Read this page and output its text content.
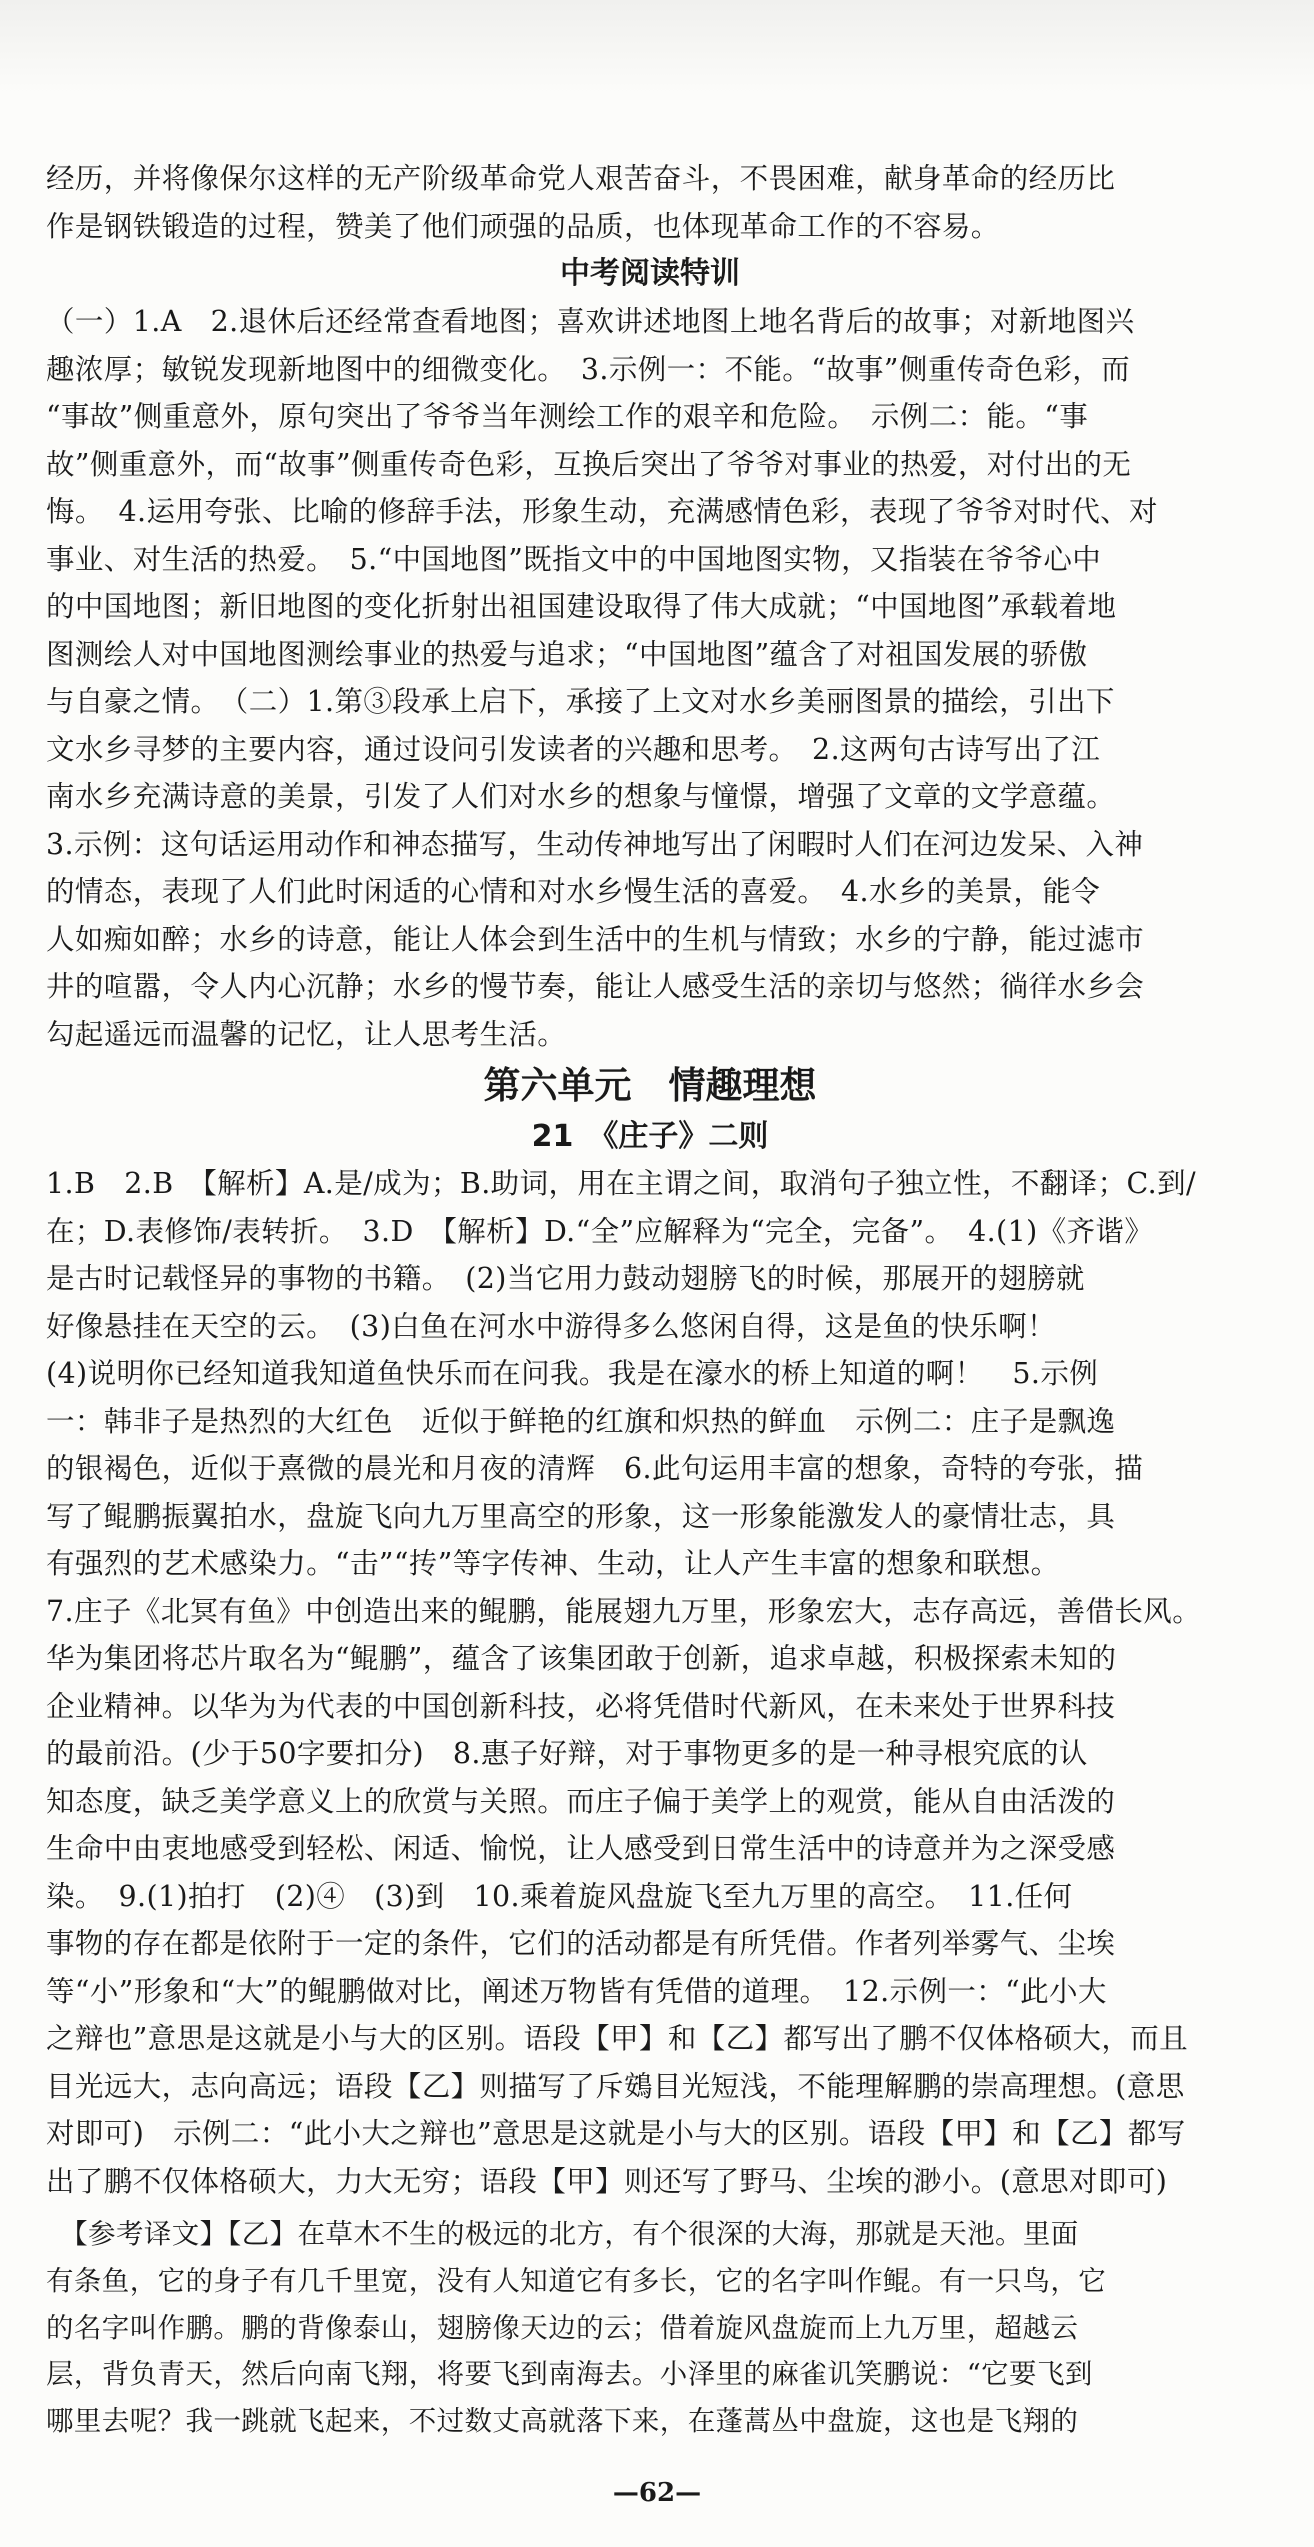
经历，并将像保尔这样的无产阶级革命党人艰苦奋斗，不畏困难，献身革命的经历比

作是钢铁锻造的过程，赞美了他们顽强的品质，也体现革命工作的不容易。

中考阅读特训

（一）1.A　2.退休后还经常查看地图；喜欢讲述地图上地名背后的故事；对新地图兴

趣浓厚；敏锐发现新地图中的细微变化。　3.示例一：不能。“故事”侧重传奇色彩，而

“事故”侧重意外，原句突出了爷爷当年测绘工作的艰辛和危险。　示例二：能。“事

故”侧重意外，而“故事”侧重传奇色彩，互换后突出了爷爷对事业的热爱，对付出的无

悔。　4.运用夸张、比喻的修辞手法，形象生动，充满感情色彩，表现了爷爷对时代、对

事业、对生活的热爱。　5.“中国地图”既指文中的中国地图实物，又指装在爷爷心中

的中国地图；新旧地图的变化折射出祖国建设取得了伟大成就；“中国地图”承载着地

图测绘人对中国地图测绘事业的热爱与追求；“中国地图”蕴含了对祖国发展的骄傲

与自豪之情。　（二）1.第③段承上启下，承接了上文对水乡美丽图景的描绘，引出下

文水乡寻梦的主要内容，通过设问引发读者的兴趣和思考。　2.这两句古诗写出了江

南水乡充满诗意的美景，引发了人们对水乡的想象与憧憬，增强了文章的文学意蕴。

3.示例：这句话运用动作和神态描写，生动传神地写出了闲暇时人们在河边发呆、入神

的情态，表现了人们此时闲适的心情和对水乡慢生活的喜爱。　4.水乡的美景，能令

人如痴如醉；水乡的诗意，能让人体会到生活中的生机与情致；水乡的宁静，能过滤市

井的喧嚣，令人内心沉静；水乡的慢节奏，能让人感受生活的亲切与悠然；徜徉水乡会

勾起遥远而温馨的记忆，让人思考生活。

第六单元　情趣理想
21　《庄子》二则

1.B　2.B　【解析】A.是/成为；B.助词，用在主谓之间，取消句子独立性，不翻译；C.到/

在；D.表修饰/表转折。　3.D　【解析】D.“全”应解释为“完全，完备”。　4.(1)《齐谐》

是古时记载怪异的事物的书籍。　(2)当它用力鼓动翅膀飞的时候，那展开的翅膀就

好像悬挂在天空的云。　(3)白鱼在河水中游得多么悠闲自得，这是鱼的快乐啊！

(4)说明你已经知道我知道鱼快乐而在问我。我是在濠水的桥上知道的啊！　5.示例

一：韩非子是热烈的大红色　近似于鲜艳的红旗和炽热的鲜血　示例二：庄子是飘逸

的银褐色，近似于熹微的晨光和月夜的清辉　6.此句运用丰富的想象，奇特的夸张，描

写了鲲鹏振翼拍水，盘旋飞向九万里高空的形象，这一形象能激发人的豪情壮志，具

有强烈的艺术感染力。“击”“抟”等字传神、生动，让人产生丰富的想象和联想。

7.庄子《北冥有鱼》中创造出来的鲲鹏，能展翅九万里，形象宏大，志存高远，善借长风。

华为集团将芯片取名为“鲲鹏”，蕴含了该集团敢于创新，追求卓越，积极探索未知的

企业精神。以华为为代表的中国创新科技，必将凭借时代新风，在未来处于世界科技

的最前沿。(少于50字要扣分)　8.惠子好辩，对于事物更多的是一种寻根究底的认

知态度，缺乏美学意义上的欣赏与关照。而庄子偏于美学上的观赏，能从自由活泼的

生命中由衷地感受到轻松、闲适、愉悦，让人感受到日常生活中的诗意并为之深受感

染。　9.(1)拍打　(2)④　(3)到　10.乘着旋风盘旋飞至九万里的高空。　11.任何

事物的存在都是依附于一定的条件，它们的活动都是有所凭借。作者列举雾气、尘埃

等“小”形象和“大”的鲲鹏做对比，阐述万物皆有凭借的道理。　12.示例一：“此小大

之辩也”意思是这就是小与大的区别。语段【甲】和【乙】都写出了鹏不仅体格硕大，而且

目光远大，志向高远；语段【乙】则描写了斥鴳目光短浅，不能理解鹏的崇高理想。(意思

对即可)　示例二：“此小大之辩也”意思是这就是小与大的区别。语段【甲】和【乙】都写

出了鹏不仅体格硕大，力大无穷；语段【甲】则还写了野马、尘埃的渺小。(意思对即可)

　【参考译文】【乙】在草木不生的极远的北方，有个很深的大海，那就是天池。里面

有条鱼，它的身子有几千里宽，没有人知道它有多长，它的名字叫作鲲。有一只鸟，它

的名字叫作鹏。鹏的背像泰山，翅膀像天边的云；借着旋风盘旋而上九万里，超越云

层，背负青天，然后向南飞翔，将要飞到南海去。小泽里的麻雀讥笑鹏说：“它要飞到

哪里去呢？我一跳就飞起来，不过数丈高就落下来，在蓬蒿丛中盘旋，这也是飞翔的

—62—
